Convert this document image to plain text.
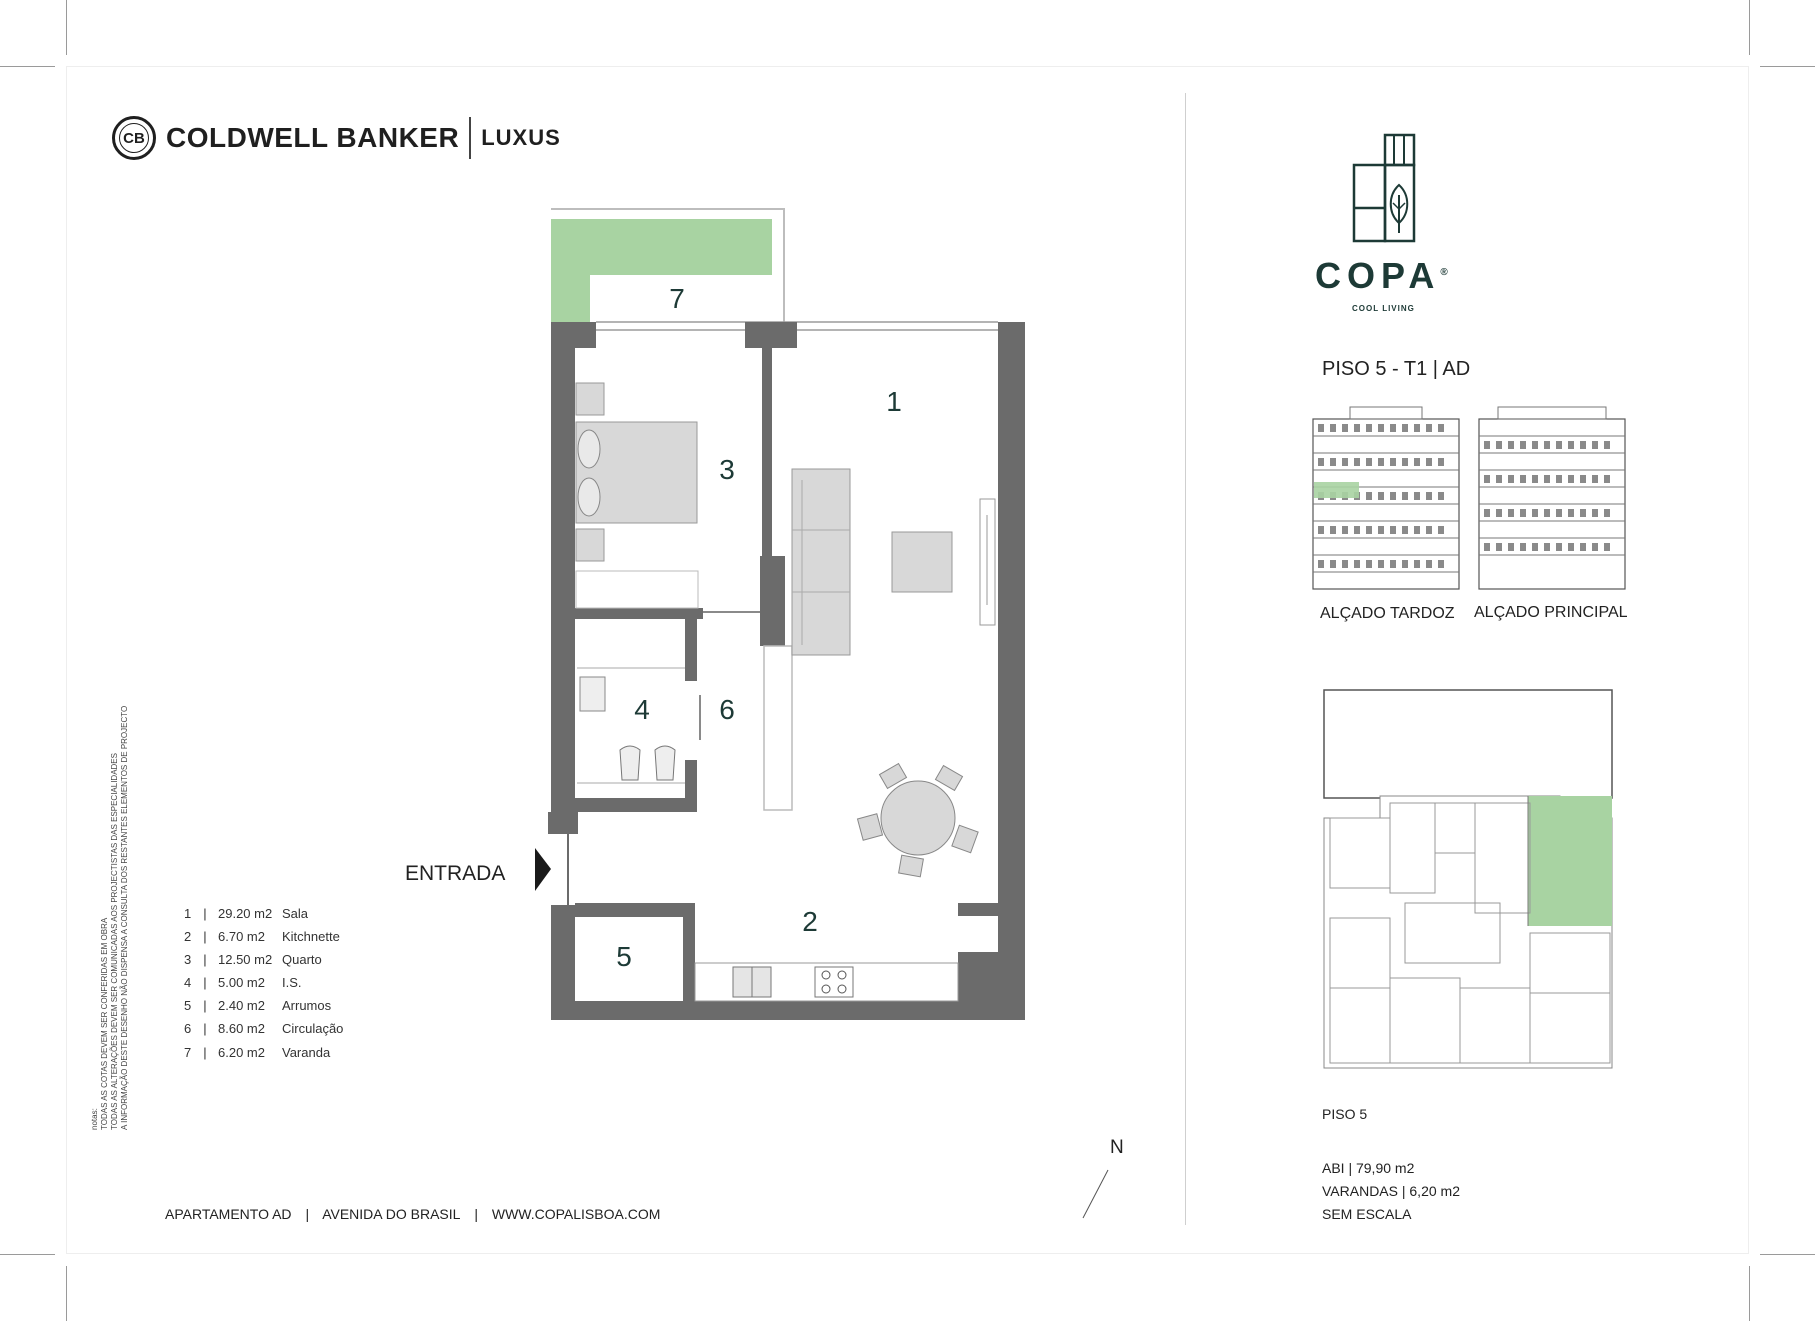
CB COLDWELL BANKER LUXUS
1
2
3
4
5
6
7
ENTRADA
N
1 | 29.20 m2 Sala
2 | 6.70 m2 Kitchnette
3 | 12.50 m2 Quarto
4 | 5.00 m2 I.S.
5 | 2.40 m2 Arrumos
6 | 8.60 m2 Circulação
7 | 6.20 m2 Varanda
notas: TODAS AS COTAS DEVEM SER CONFERIDAS EM OBRA TODAS AS ALTERAÇÕES DEVEM SER COMUNICADAS AOS PROJECTISTAS DAS ESPECIALIDADES A INFORMAÇÃO DESTE DESENHO NÃO DISPENSA A CONSULTA DOS RESTANTES ELEMENTOS DE PROJECTO
APARTAMENTO AD | AVENIDA DO BRASIL | WWW.COPALISBOA.COM
COPA®
COOL LIVING
PISO 5 - T1 | AD
ALÇADO TARDOZ ALÇADO PRINCIPAL
PISO 5
ABI | 79,90 m2
VARANDAS | 6,20 m2
SEM ESCALA
